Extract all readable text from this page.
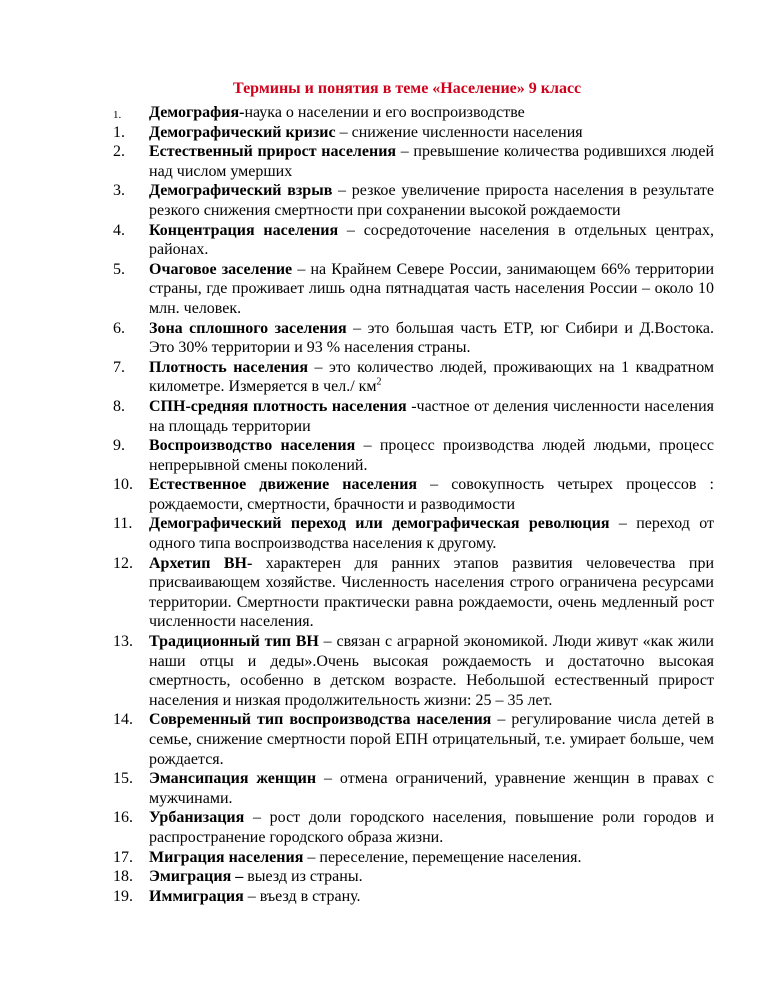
Термины и понятия в теме «Население» 9 класс
1.	Демография-наука о населении и его воспроизводстве
1.	Демографический кризис – снижение численности населения
2.	Естественный прирост населения – превышение количества родившихся людей над числом умерших
3.	Демографический взрыв – резкое увеличение прироста населения в результате резкого снижения смертности при сохранении высокой рождаемости
4.	Концентрация населения – сосредоточение населения в отдельных центрах, районах.
5.	Очаговое заселение – на Крайнем Севере России, занимающем 66% территории страны, где проживает лишь одна пятнадцатая часть населения России – около 10 млн. человек.
6.	Зона сплошного заселения – это большая часть ЕТР, юг Сибири и Д.Востока. Это 30% территории и 93 % населения страны.
7.	Плотность населения – это количество людей, проживающих на 1 квадратном километре. Измеряется в чел./ $км^2$
8.	СПН-средняя плотность населения -частное от деления численности населения на площадь территории
9.	Воспроизводство населения – процесс производства людей людьми, процесс непрерывной смены поколений.
10.	Естественное движение населения – совокупность четырех процессов : рождаемости, смертности, брачности и разводимости
11.	Демографический переход или демографическая революция – переход от одного типа воспроизводства населения к другому.
12.	Архетип ВН- характерен для ранних этапов развития человечества при присваивающем хозяйстве. Численность населения строго ограничена ресурсами территории. Смертности практически равна рождаемости, очень медленный рост численности населения.
13.	Традиционный тип ВН – связан с аграрной экономикой. Люди живут «как жили наши отцы и деды».Очень высокая рождаемость и достаточно высокая смертность, особенно в детском возрасте. Небольшой естественный прирост населения и низкая продолжительность жизни: 25 – 35 лет.
14.	Современный тип воспроизводства населения – регулирование числа детей в семье, снижение смертности порой ЕПН отрицательный, т.е. умирает больше, чем рождается.
15.	Эмансипация женщин – отмена ограничений, уравнение женщин в правах с мужчинами.
16.	Урбанизация – рост доли городского населения, повышение роли городов и распространение городского образа жизни.
17.	Миграция населения – переселение, перемещение населения.
18.	Эмиграция – выезд из страны.
19.	Иммиграция – въезд в страну.
